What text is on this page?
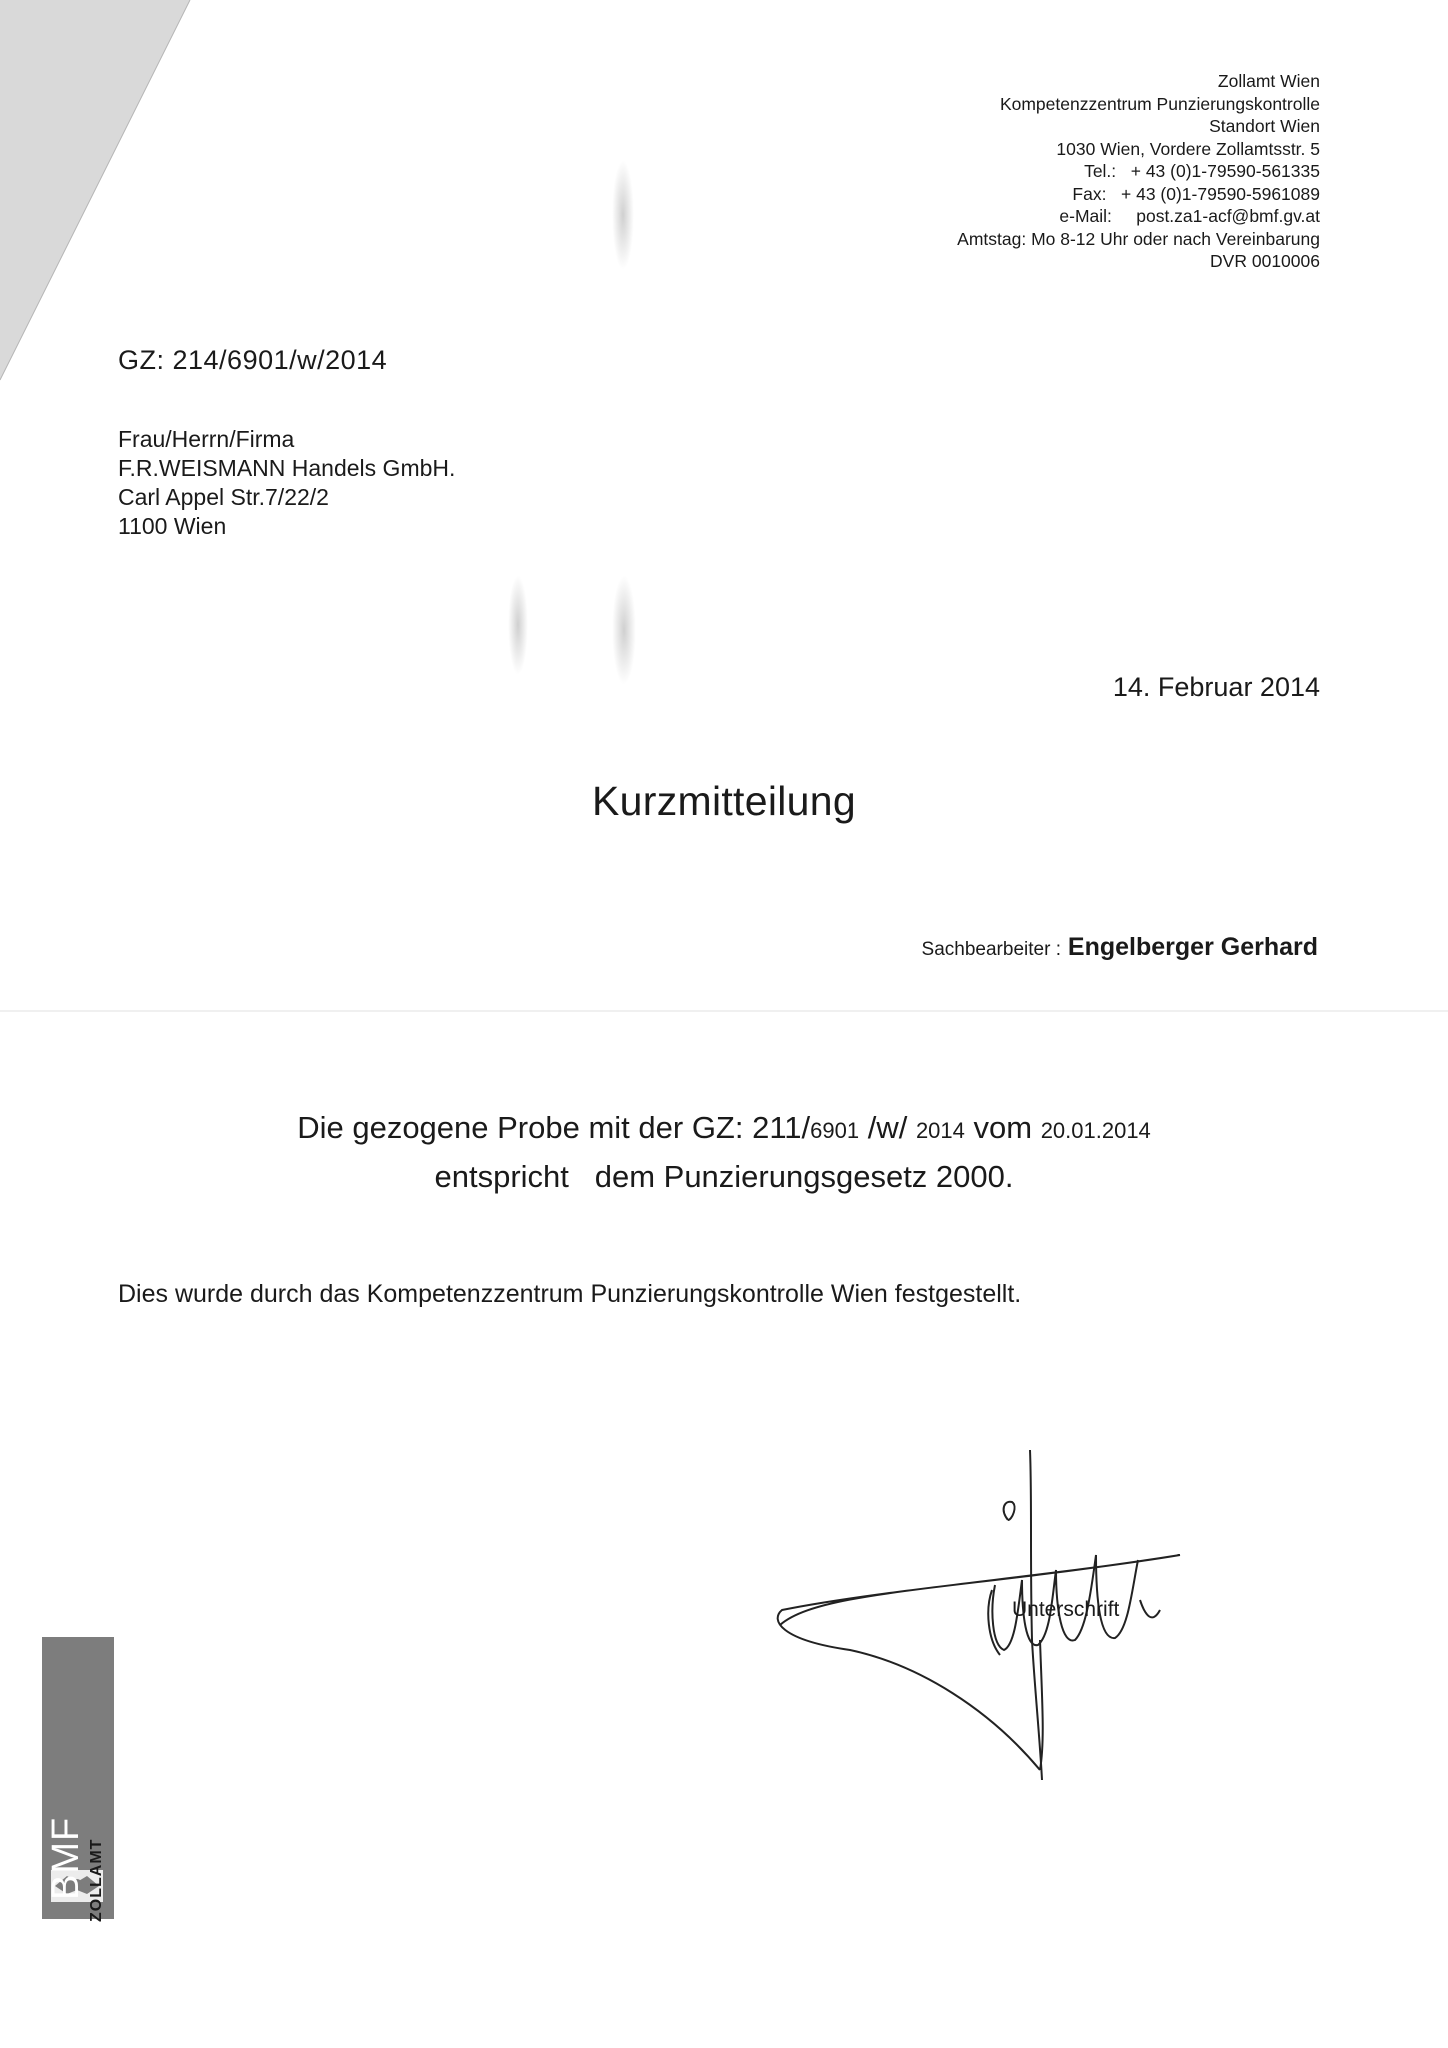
Zollamt Wien
Kompetenzzentrum Punzierungskontrolle
Standort Wien
1030 Wien, Vordere Zollamtsstr. 5
Tel.:   + 43 (0)1-79590-561335
Fax:   + 43 (0)1-79590-5961089
e-Mail:     post.za1-acf@bmf.gv.at
Amtstag: Mo 8-12 Uhr oder nach Vereinbarung
DVR 0010006
GZ: 214/6901/w/2014
Frau/Herrn/Firma
F.R.WEISMANN Handels GmbH.
Carl Appel Str.7/22/2
1100 Wien
14. Februar 2014
Kurzmitteilung
Sachbearbeiter : Engelberger Gerhard
Die gezogene Probe mit der GZ: 211/6901 /w/ 2014 vom 20.01.2014
entspricht   dem Punzierungsgesetz 2000.
Dies wurde durch das Kompetenzzentrum Punzierungskontrolle Wien festgestellt.
Unterschrift
BMF ZOLLAMT
